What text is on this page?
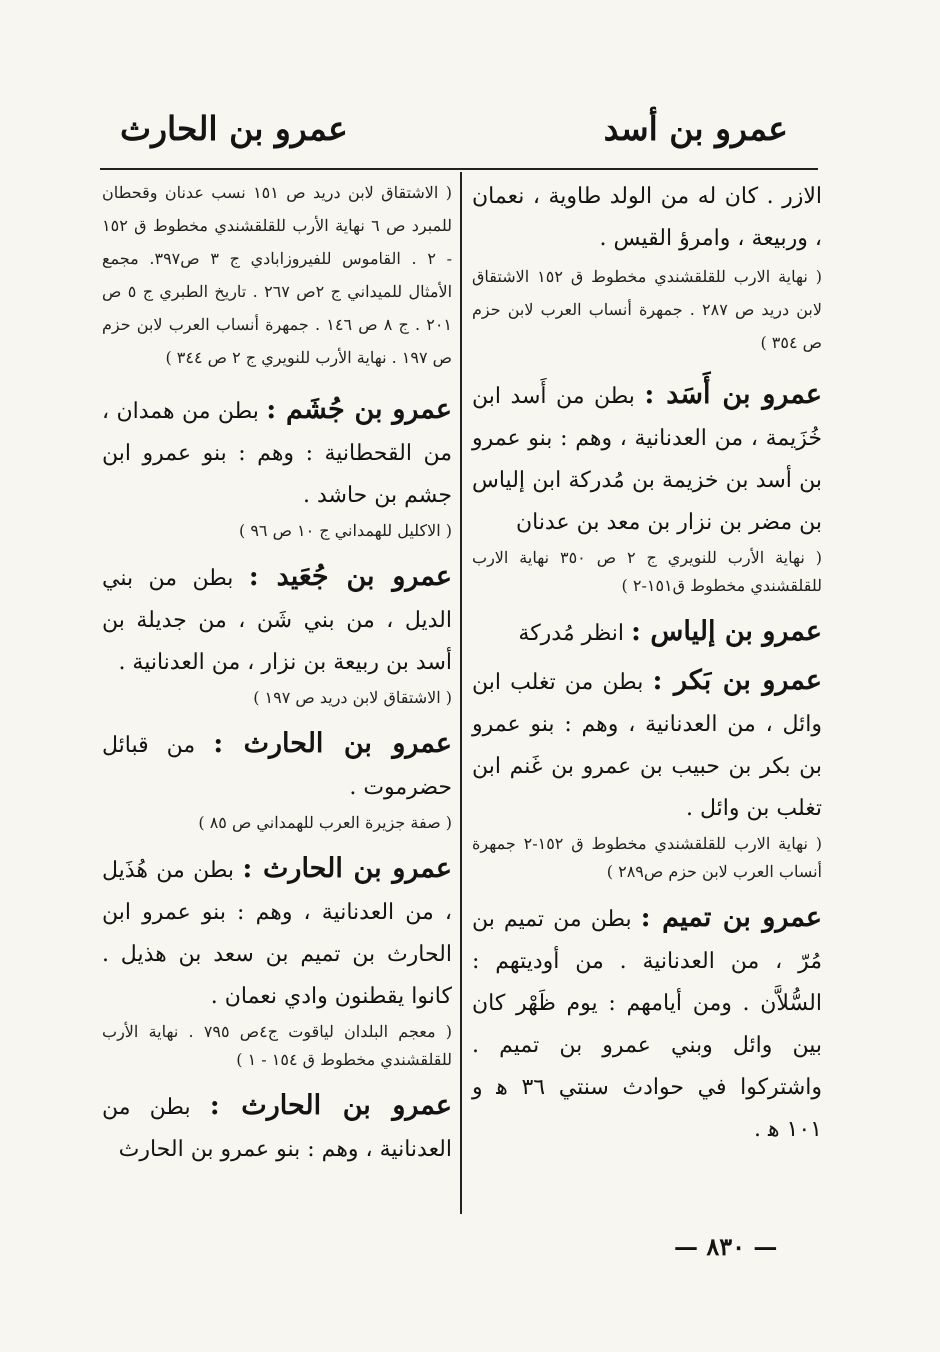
عمرو بن أسد
عمرو بن الحارث
الازر . كان له من الولد طاوية ، نعمان ، وربيعة ، وامرؤ القيس .
( نهاية الارب للقلقشندي مخطوط ق ١٥٢ الاشتقاق لابن دريد ص ٢٨٧ . جمهرة أنساب العرب لابن حزم ص ٣٥٤ )
عمرو بن أَسَد : بطن من أَسد ابن خُزَيمة ، من العدنانية ، وهم : بنو عمرو بن أسد بن خزيمة بن مُدركة ابن إلياس بن مضر بن نزار بن معد بن عدنان
( نهاية الأرب للنويري ج ٢ ص ٣٥٠ نهاية الارب للقلقشندي مخطوط ق١٥١-٢ )
عمرو بن إلياس : انظر مُدركة
عمرو بن بَكر : بطن من تغلب ابن وائل ، من العدنانية ، وهم : بنو عمرو بن بكر بن حبيب بن عمرو بن غَنم ابن تغلب بن وائل .
( نهاية الارب للقلقشندي مخطوط ق ١٥٢-٢ جمهرة أنساب العرب لابن حزم ص٢٨٩ )
عمرو بن تميم : بطن من تميم بن مُرّ ، من العدنانية . من أوديتهم : السُّلاَّن . ومن أيامهم : يوم ظَهْر كان بين وائل وبني عمرو بن تميم . واشتركوا في حوادث سنتي ٣٦ ﻫ و ١٠١ ﻫ .
( الاشتقاق لابن دريد ص ١٥١ نسب عدنان وقحطان للمبرد ص ٦ نهاية الأرب للقلقشندي مخطوط ق ١٥٢ - ٢ . القاموس للفيروزابادي ج ٣ ص٣٩٧. مجمع الأمثال للميداني ج ٢ص ٢٦٧ . تاريخ الطبري ج ٥ ص ٢٠١ . ج ٨ ص ١٤٦ . جمهرة أنساب العرب لابن حزم ص ١٩٧ . نهاية الأرب للنويري ج ٢ ص ٣٤٤ )
عمرو بن جُشَم : بطن من همدان ، من القحطانية : وهم : بنو عمرو ابن جشم بن حاشد .
( الاكليل للهمداني ج ١٠ ص ٩٦ )
عمرو بن جُعَيد : بطن من بني الديل ، من بني شَن ، من جديلة بن أسد بن ربيعة بن نزار ، من العدنانية .
( الاشتقاق لابن دريد ص ١٩٧ )
عمرو بن الحارث : من قبائل حضرموت .
( صفة جزيرة العرب للهمداني ص ٨٥ )
عمرو بن الحارث : بطن من هُذَيل ، من العدنانية ، وهم : بنو عمرو ابن الحارث بن تميم بن سعد بن هذيل . كانوا يقطنون وادي نعمان .
( معجم البلدان لياقوت ج٤ص ٧٩٥ . نهاية الأرب للقلقشندي مخطوط ق ١٥٤ - ١ )
عمرو بن الحارث : بطن من العدنانية ، وهم : بنو عمرو بن الحارث
— ٨٣٠ —
